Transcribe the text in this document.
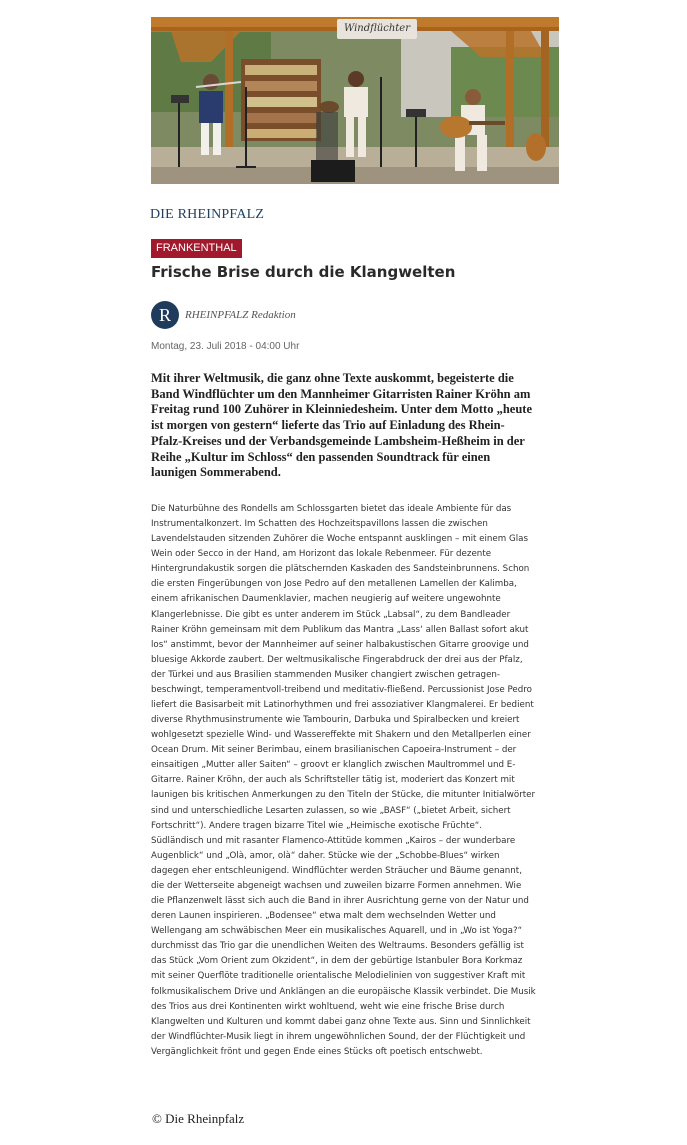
Windflüchter
DIE RHEINPFALZ
FRANKENTHAL
Frische Brise durch die Klangwelten
R	RHEINPFALZ Redaktion
Montag, 23. Juli 2018 - 04:00 Uhr

Mit ihrer Weltmusik, die ganz ohne Texte auskommt, begeisterte die Band Windflüchter um den Mannheimer Gitarristen Rainer Kröhn am Freitag rund 100 Zuhörer in Kleinniedesheim. Unter dem Motto „heute ist morgen von gestern“ lieferte das Trio auf Einladung des Rhein-Pfalz-Kreises und der Verbandsgemeinde Lambsheim-Heßheim in der Reihe „Kultur im Schloss“ den passenden Soundtrack für einen launigen Sommerabend.

Die Naturbühne des Rondells am Schlossgarten bietet das ideale Ambiente für das Instrumentalkonzert. Im Schatten des Hochzeitspavillons lassen die zwischen Lavendelstauden sitzenden Zuhörer die Woche entspannt ausklingen – mit einem Glas Wein oder Secco in der Hand, am Horizont das lokale Rebenmeer. Für dezente Hintergrundakustik sorgen die plätschernden Kaskaden des Sandsteinbrunnens. Schon die ersten Fingerübungen von Jose Pedro auf den metallenen Lamellen der Kalimba, einem afrikanischen Daumenklavier, machen neugierig auf weitere ungewohnte Klangerlebnisse. Die gibt es unter anderem im Stück „Labsal“, zu dem Bandleader Rainer Kröhn gemeinsam mit dem Publikum das Mantra „Lass‘ allen Ballast sofort akut los“ anstimmt, bevor der Mannheimer auf seiner halbakustischen Gitarre groovige und bluesige Akkorde zaubert. Der weltmusikalische Fingerabdruck der drei aus der Pfalz, der Türkei und aus Brasilien stammenden Musiker changiert zwischen getragen-beschwingt, temperamentvoll-treibend und meditativ-fließend. Percussionist Jose Pedro liefert die Basisarbeit mit Latinorhythmen und frei assoziativer Klangmalerei. Er bedient diverse Rhythmusinstrumente wie Tambourin, Darbuka und Spiralbecken und kreiert wohlgesetzt spezielle Wind- und Wassereffekte mit Shakern und den Metallperlen einer Ocean Drum. Mit seiner Berimbau, einem brasilianischen Capoeira-Instrument – der einsaitigen „Mutter aller Saiten“ – groovt er klanglich zwischen Maultrommel und E-Gitarre. Rainer Kröhn, der auch als Schriftsteller tätig ist, moderiert das Konzert mit launigen bis kritischen Anmerkungen zu den Titeln der Stücke, die mitunter Initialwörter sind und unterschiedliche Lesarten zulassen, so wie „BASF“ („bietet Arbeit, sichert Fortschritt“). Andere tragen bizarre Titel wie „Heimische exotische Früchte“. Südländisch und mit rasanter Flamenco-Attitüde kommen „Kairos – der wunderbare Augenblick“ und „Olà, amor, olà“ daher. Stücke wie der „Schobbe-Blues“ wirken dagegen eher entschleunigend. Windflüchter werden Sträucher und Bäume genannt, die der Wetterseite abgeneigt wachsen und zuweilen bizarre Formen annehmen. Wie die Pflanzenwelt lässt sich auch die Band in ihrer Ausrichtung gerne von der Natur und deren Launen inspirieren. „Bodensee“ etwa malt dem wechselnden Wetter und Wellengang am schwäbischen Meer ein musikalisches Aquarell, und in „Wo ist Yoga?“ durchmisst das Trio gar die unendlichen Weiten des Weltraums. Besonders gefällig ist das Stück „Vom Orient zum Okzident“, in dem der gebürtige Istanbuler Bora Korkmaz mit seiner Querflöte traditionelle orientalische Melodielinien von suggestiver Kraft mit folkmusikalischem Drive und Anklängen an die europäische Klassik verbindet. Die Musik des Trios aus drei Kontinenten wirkt wohltuend, weht wie eine frische Brise durch Klangwelten und Kulturen und kommt dabei ganz ohne Texte aus. Sinn und Sinnlichkeit der Windflüchter-Musik liegt in ihrem ungewöhnlichen Sound, der der Flüchtigkeit und Vergänglichkeit frönt und gegen Ende eines Stücks oft poetisch entschwebt.

© Die Rheinpfalz
